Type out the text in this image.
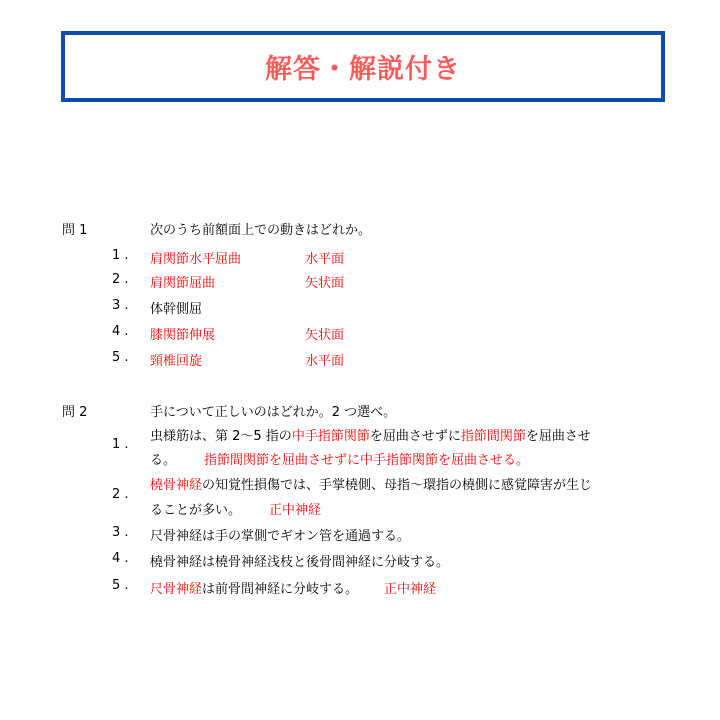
解答・解説付き
問 1	次のうち前額面上での動きはどれか。
1 . 肩関節水平屈曲	水平面
2 . 肩関節屈曲	矢状面
3 . 体幹側屈
4 . 膝関節伸展	矢状面
5 . 頸椎回旋	水平面
問 2	手について正しいのはどれか。2 つ選べ。
1 .
虫様筋は、第 2〜5 指の中手指節関節を屈曲させずに指節間関節を屈曲させ
る。 指節間関節を屈曲させずに中手指節関節を屈曲させる。
2 .
橈骨神経の知覚性損傷では、手掌橈側、母指〜環指の橈側に感覚障害が生じ
ることが多い。 正中神経
3 . 尺骨神経は手の掌側でギオン管を通過する。
4 . 橈骨神経は橈骨神経浅枝と後骨間神経に分岐する。
5 . 尺骨神経は前骨間神経に分岐する。 正中神経
